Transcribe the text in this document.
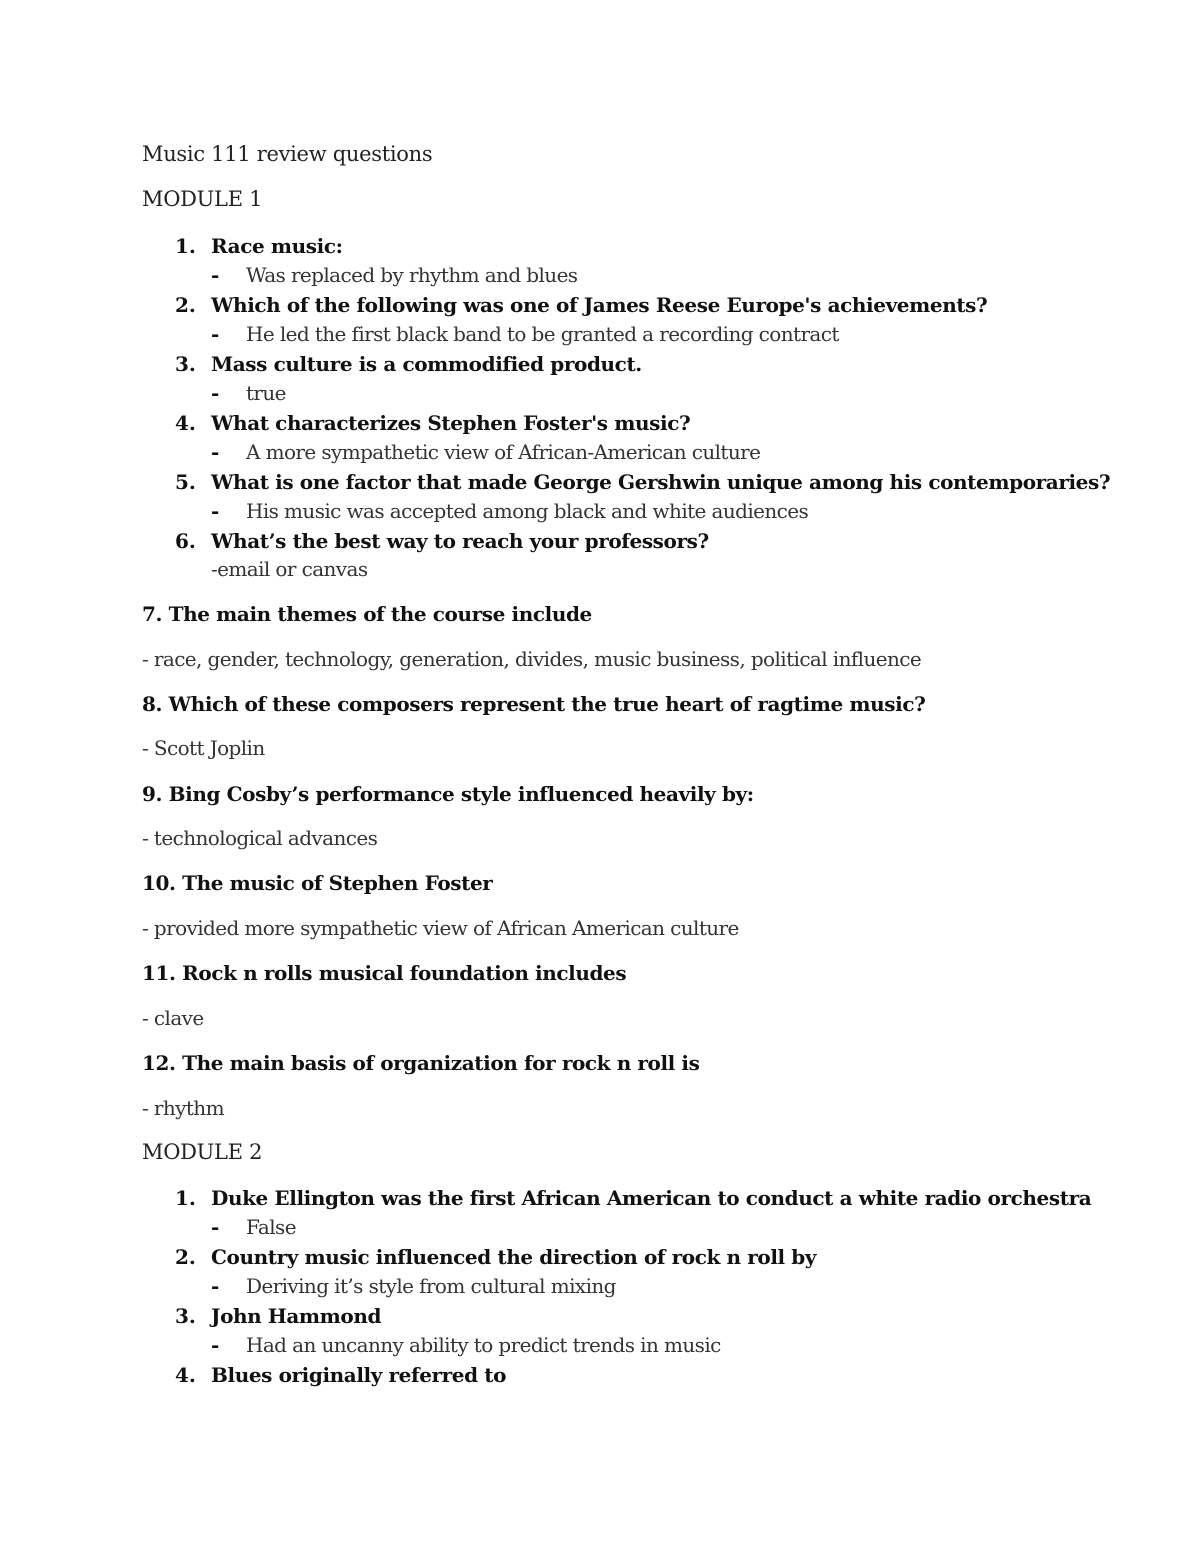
Music 111 review questions
MODULE 1
1. Race music:
- Was replaced by rhythm and blues
2. Which of the following was one of James Reese Europe's achievements?
- He led the first black band to be granted a recording contract
3. Mass culture is a commodified product.
- true
4. What characterizes Stephen Foster's music?
- A more sympathetic view of African-American culture
5. What is one factor that made George Gershwin unique among his contemporaries?
- His music was accepted among black and white audiences
6. What’s the best way to reach your professors?
-email or canvas
7. The main themes of the course include
- race, gender, technology, generation, divides, music business, political influence
8. Which of these composers represent the true heart of ragtime music?
- Scott Joplin
9. Bing Cosby’s performance style influenced heavily by:
- technological advances
10. The music of Stephen Foster
- provided more sympathetic view of African American culture
11. Rock n rolls musical foundation includes
- clave
12. The main basis of organization for rock n roll is
- rhythm
MODULE 2
1. Duke Ellington was the first African American to conduct a white radio orchestra
- False
2. Country music influenced the direction of rock n roll by
- Deriving it’s style from cultural mixing
3. John Hammond
- Had an uncanny ability to predict trends in music
4. Blues originally referred to
